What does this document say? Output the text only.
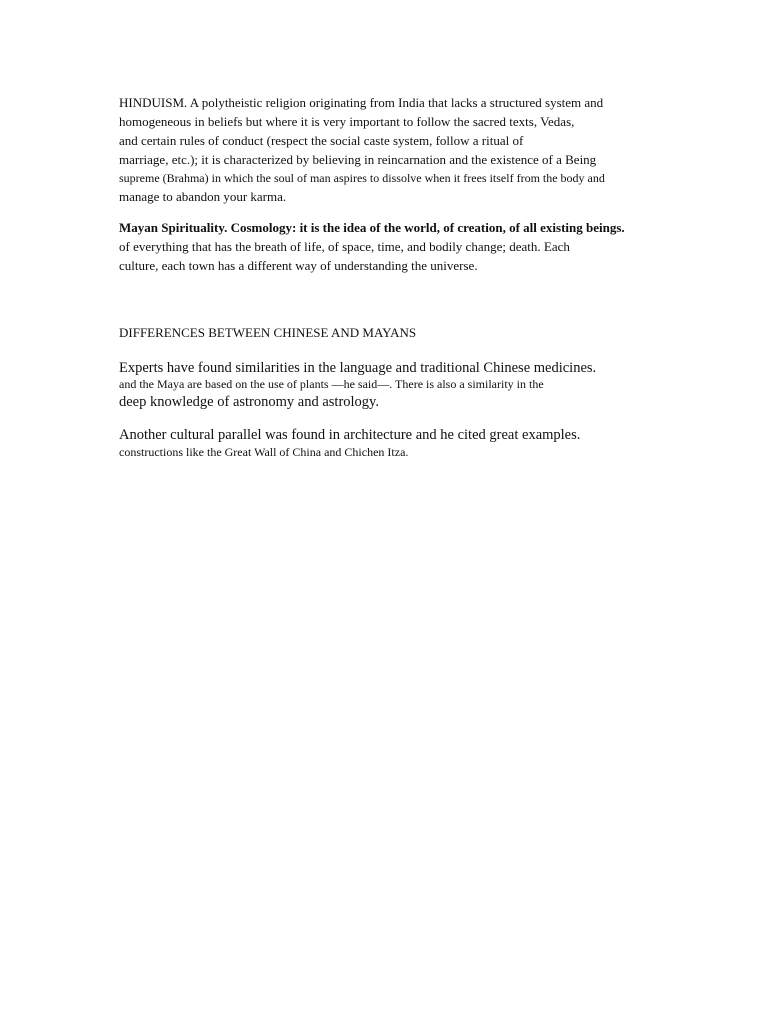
HINDUISM. A polytheistic religion originating from India that lacks a structured system and
homogeneous in beliefs but where it is very important to follow the sacred texts, Vedas,
and certain rules of conduct (respect the social caste system, follow a ritual of
marriage, etc.); it is characterized by believing in reincarnation and the existence of a Being
supreme (Brahma) in which the soul of man aspires to dissolve when it frees itself from the body and
manage to abandon your karma.
Mayan Spirituality. Cosmology: it is the idea of the world, of creation, of all existing beings.
of everything that has the breath of life, of space, time, and bodily change; death. Each
culture, each town has a different way of understanding the universe.
DIFFERENCES BETWEEN CHINESE AND MAYANS
Experts have found similarities in the language and traditional Chinese medicines.
and the Maya are based on the use of plants —he said—. There is also a similarity in the
deep knowledge of astronomy and astrology.
Another cultural parallel was found in architecture and he cited great examples.
constructions like the Great Wall of China and Chichen Itza.
